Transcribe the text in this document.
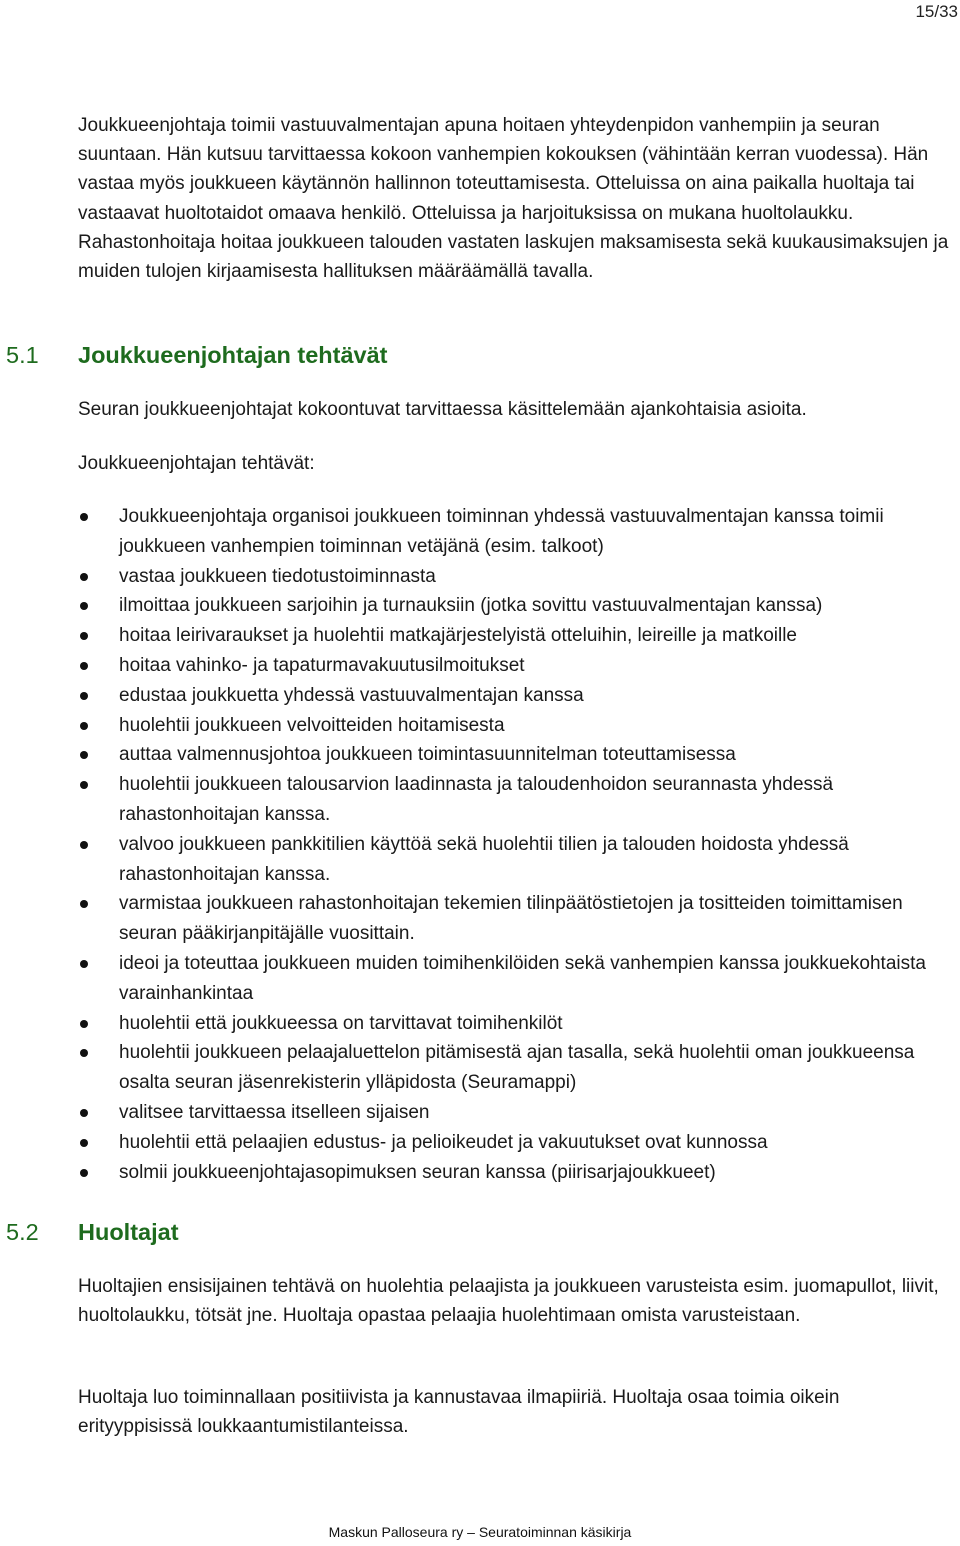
15/33

Joukkueenjohtaja toimii vastuuvalmentajan apuna hoitaen yhteydenpidon vanhempiin ja seuran suuntaan. Hän kutsuu tarvittaessa kokoon vanhempien kokouksen (vähintään kerran vuodessa). Hän vastaa myös joukkueen käytännön hallinnon toteuttamisesta. Otteluissa on aina paikalla huoltaja tai vastaavat huoltotaidot omaava henkilö. Otteluissa ja harjoituksissa on mukana huoltolaukku. Rahastonhoitaja hoitaa joukkueen talouden vastaten laskujen maksamisesta sekä kuukausimaksujen ja muiden tulojen kirjaamisesta hallituksen määräämällä tavalla.

5.1 Joukkueenjohtajan tehtävät

Seuran joukkueenjohtajat kokoontuvat tarvittaessa käsittelemään ajankohtaisia asioita.

Joukkueenjohtajan tehtävät:

Joukkueenjohtaja organisoi joukkueen toiminnan yhdessä vastuuvalmentajan kanssa toimii joukkueen vanhempien toiminnan vetäjänä (esim. talkoot)
vastaa joukkueen tiedotustoiminnasta
ilmoittaa joukkueen sarjoihin ja turnauksiin (jotka sovittu vastuuvalmentajan kanssa)
hoitaa leirivaraukset ja huolehtii matkajärjestelyistä otteluihin, leireille ja matkoille
hoitaa vahinko- ja tapaturmavakuutusilmoitukset
edustaa joukkuetta yhdessä vastuuvalmentajan kanssa
huolehtii joukkueen velvoitteiden hoitamisesta
auttaa valmennusjohtoa joukkueen toimintasuunnitelman toteuttamisessa
huolehtii joukkueen talousarvion laadinnasta ja taloudenhoidon seurannasta yhdessä rahastonhoitajan kanssa.
valvoo joukkueen pankkitilien käyttöä sekä huolehtii tilien ja talouden hoidosta yhdessä rahastonhoitajan kanssa.
varmistaa joukkueen rahastonhoitajan tekemien tilinpäätöstietojen ja tositteiden toimittamisen seuran pääkirjanpitäjälle vuosittain.
ideoi ja toteuttaa joukkueen muiden toimihenkilöiden sekä vanhempien kanssa joukkuekohtaista varainhankintaa
huolehtii että joukkueessa on tarvittavat toimihenkilöt
huolehtii joukkueen pelaajaluettelon pitämisestä ajan tasalla, sekä huolehtii oman joukkueensa osalta seuran jäsenrekisterin ylläpidosta (Seuramappi)
valitsee tarvittaessa itselleen sijaisen
huolehtii että pelaajien edustus- ja pelioikeudet ja vakuutukset ovat kunnossa
solmii joukkueenjohtajasopimuksen seuran kanssa (piirisarjajoukkueet)
5.2 Huoltajat

Huoltajien ensisijainen tehtävä on huolehtia pelaajista ja joukkueen varusteista esim. juomapullot, liivit, huoltolaukku, tötsät jne. Huoltaja opastaa pelaajia huolehtimaan omista varusteistaan.

Huoltaja luo toiminnallaan positiivista ja kannustavaa ilmapiiriä. Huoltaja osaa toimia oikein erityyppisissä loukkaantumistilanteissa.

Maskun Palloseura ry – Seuratoiminnan käsikirja
